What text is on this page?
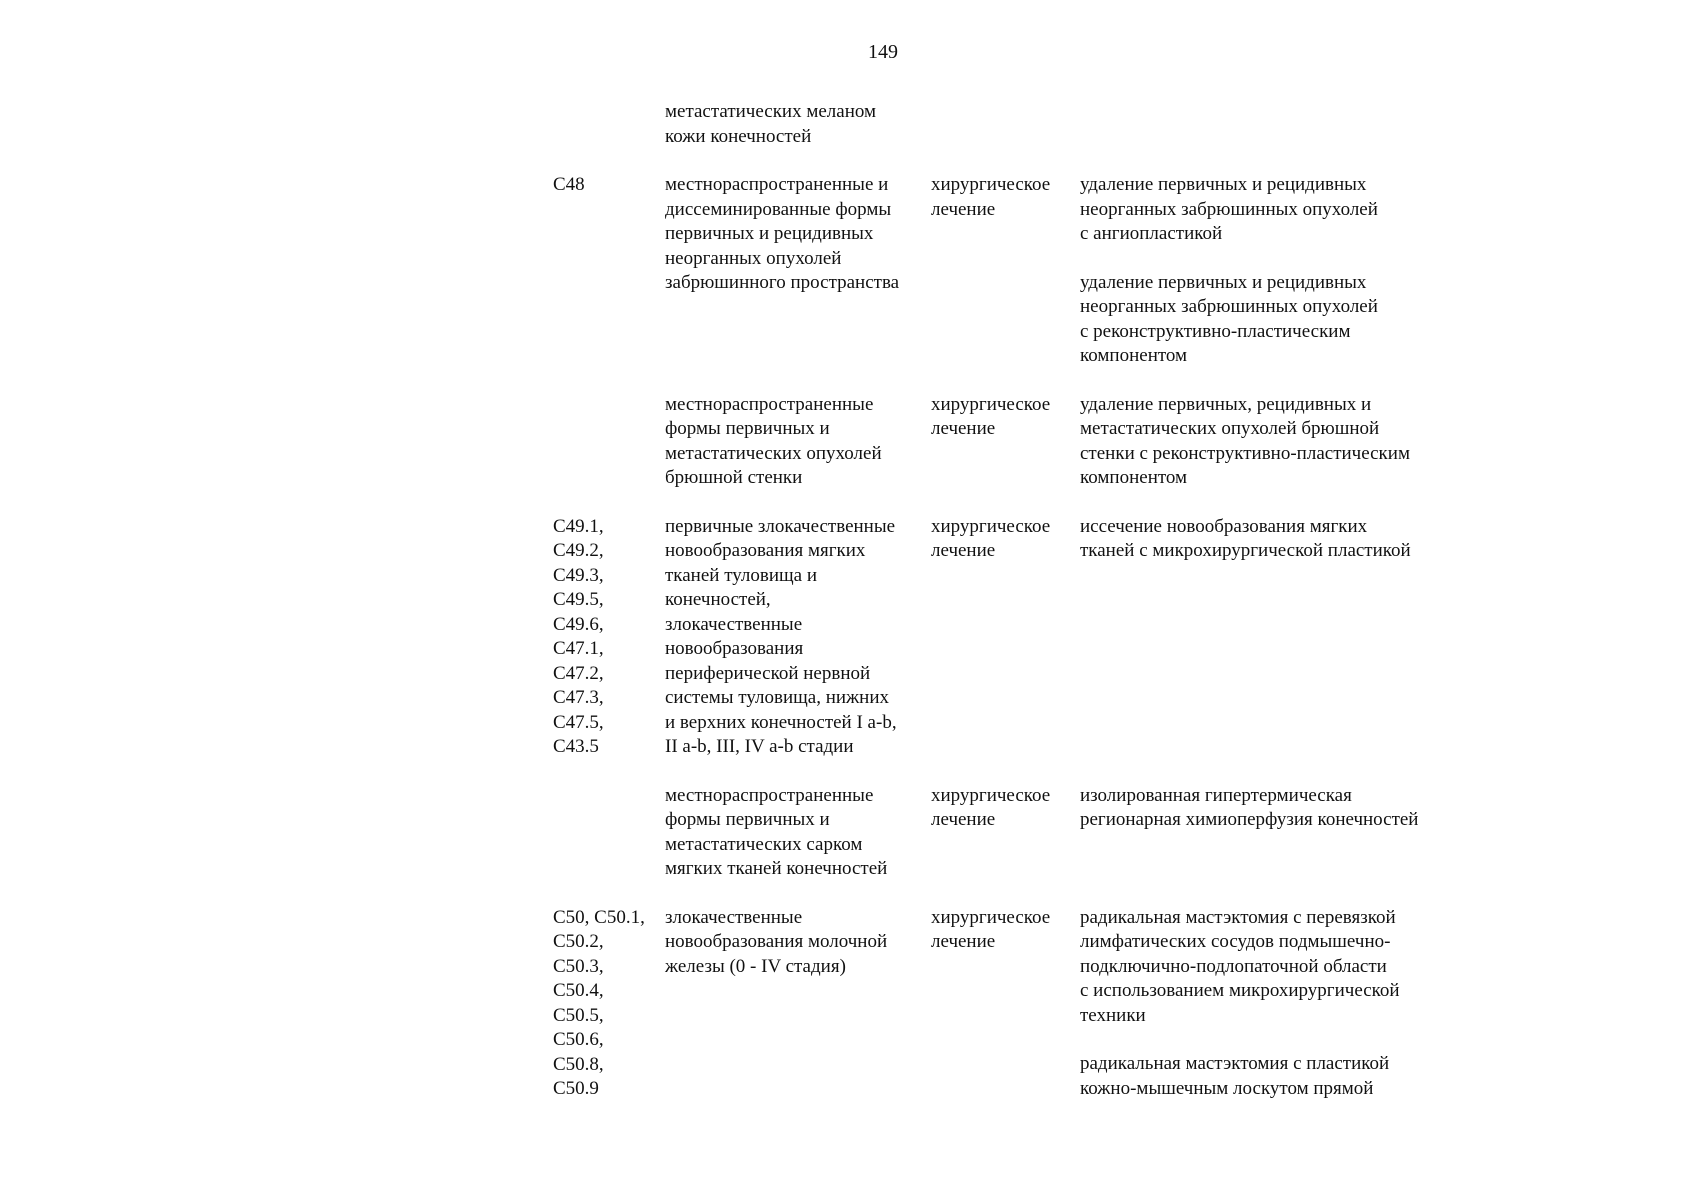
149
метастатических меланом
кожи конечностей
C48	местнораспространенные и
диссеминированные формы
первичных и рецидивных
неорганных опухолей
забрюшинного пространства
хирургическое
лечение
удаление первичных и рецидивных
неорганных забрюшинных опухолей
с ангиопластикой
удаление первичных и рецидивных
неорганных забрюшинных опухолей
с реконструктивно-пластическим
компонентом
местнораспространенные
формы первичных и
метастатических опухолей
брюшной стенки
хирургическое
лечение
удаление первичных, рецидивных и
метастатических опухолей брюшной
стенки с реконструктивно-пластическим
компонентом
C49.1,
C49.2,
C49.3,
C49.5,
C49.6,
C47.1,
C47.2,
C47.3,
C47.5,
C43.5
первичные злокачественные
новообразования мягких
тканей туловища и
конечностей,
злокачественные
новообразования
периферической нервной
системы туловища, нижних
и верхних конечностей I a-b,
II a-b, III, IV a-b стадии
хирургическое
лечение
иссечение новообразования мягких
тканей с микрохирургической пластикой
местнораспространенные
формы первичных и
метастатических сарком
мягких тканей конечностей
хирургическое
лечение
изолированная гипертермическая
регионарная химиоперфузия конечностей
C50, C50.1,
C50.2,
C50.3,
C50.4,
C50.5,
C50.6,
C50.8,
C50.9
злокачественные
новообразования молочной
железы (0 - IV стадия)
хирургическое
лечение
радикальная мастэктомия с перевязкой
лимфатических сосудов подмышечно-
подключично-подлопаточной области
с использованием микрохирургической
техники
радикальная мастэктомия с пластикой
кожно-мышечным лоскутом прямой
